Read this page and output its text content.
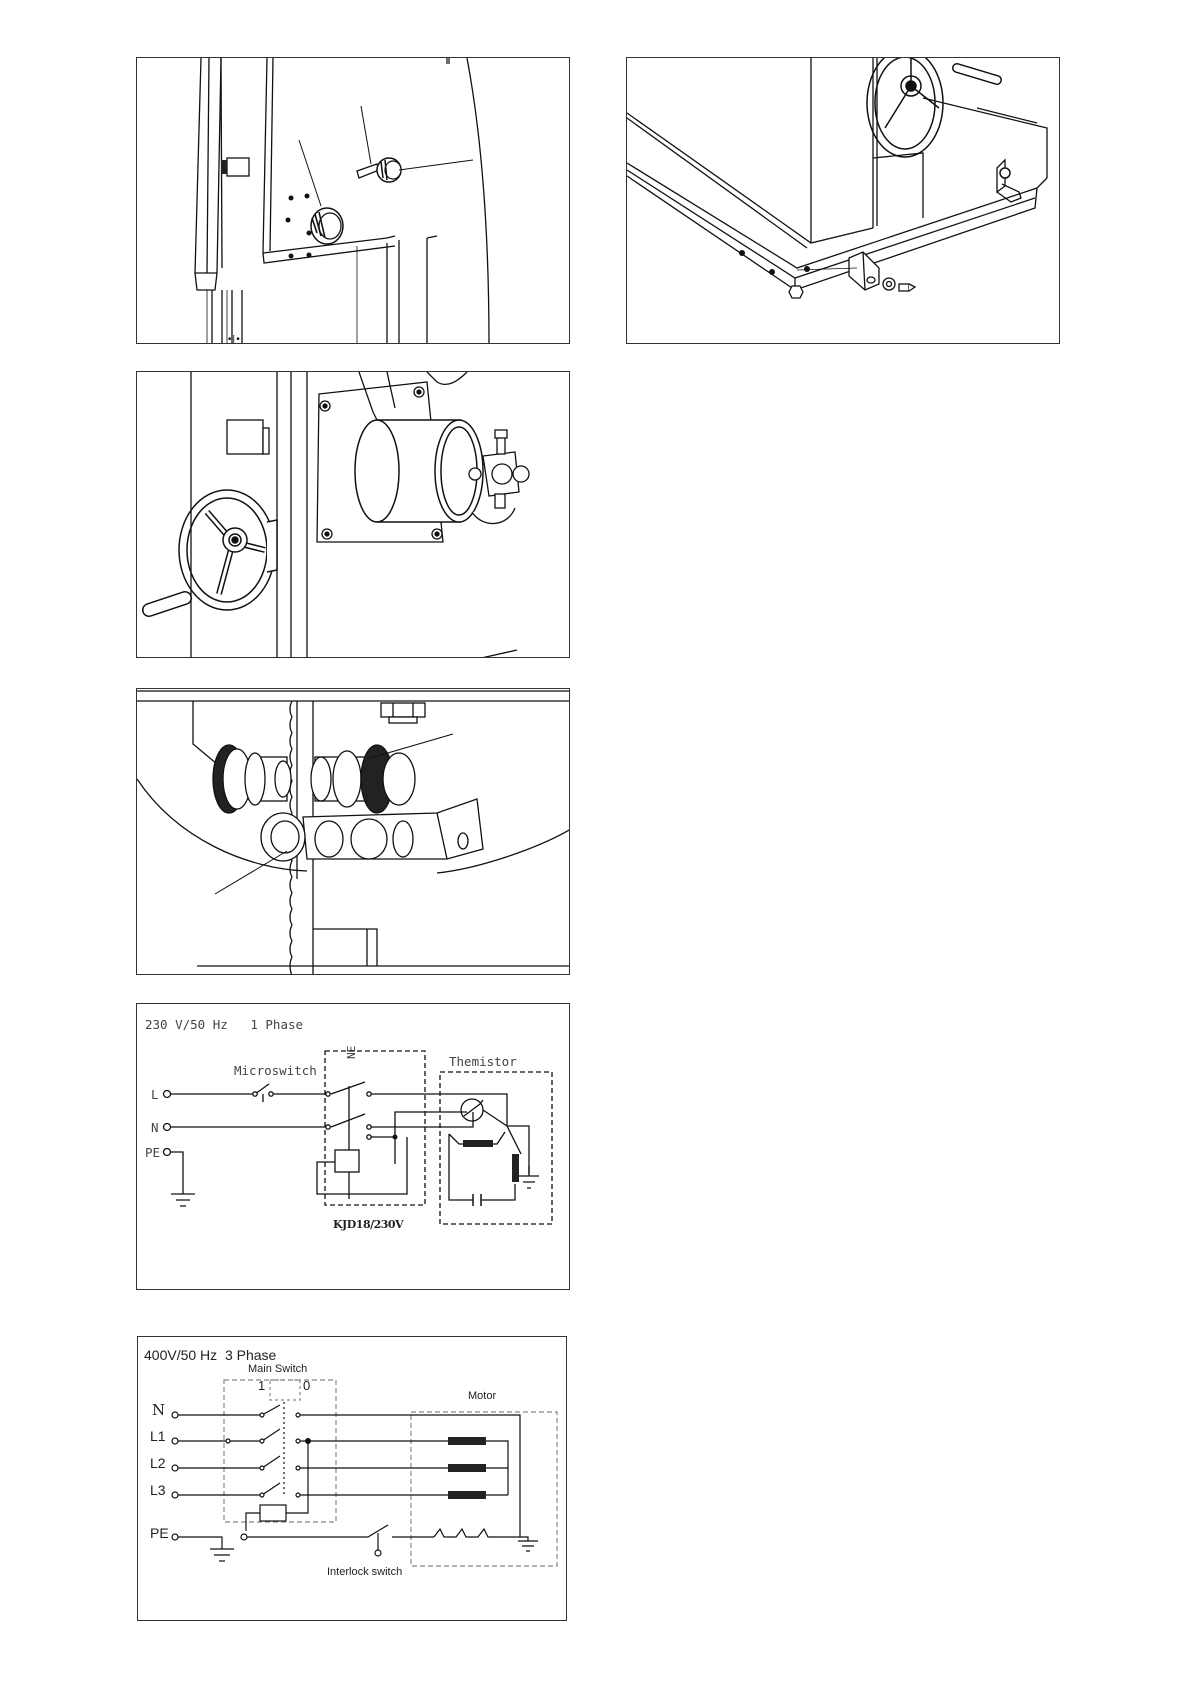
•|•
230 V/50 Hz   1 Phase
Microswitch
Themistor
NE
L
N
PE
KJD18/230V
400V/50 Hz  3 Phase
Main Switch
1	0
Motor
Interlock switch
N
L1
L2
L3
PE
